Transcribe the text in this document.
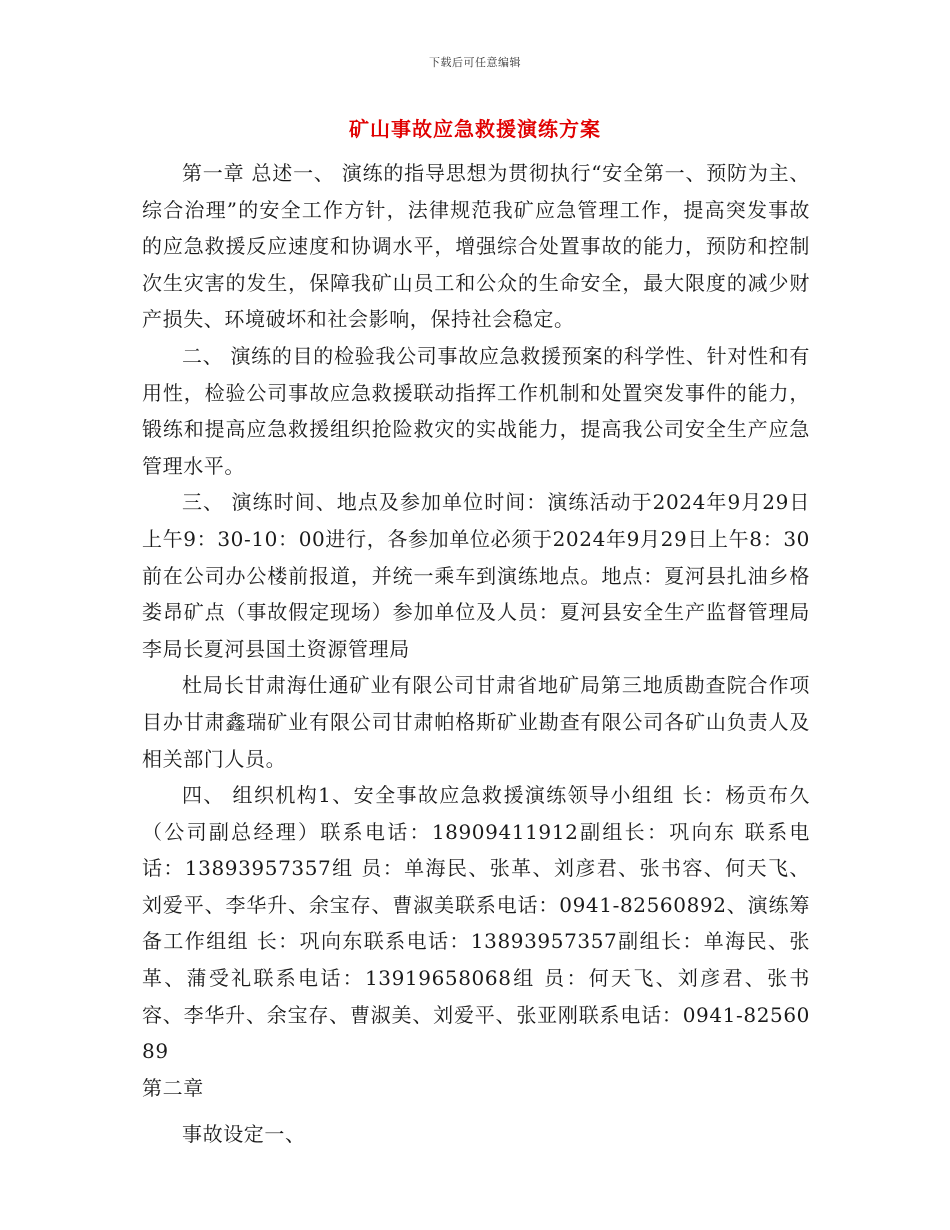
下载后可任意编辑
矿山事故应急救援演练方案

第一章 总述一、 演练的指导思想为贯彻执行“安全第一、预防为主、综合治理”的安全工作方针，法律规范我矿应急管理工作，提高突发事故的应急救援反应速度和协调水平，增强综合处置事故的能力，预防和控制次生灾害的发生，保障我矿山员工和公众的生命安全，最大限度的减少财产损失、环境破坏和社会影响，保持社会稳定。

二、 演练的目的检验我公司事故应急救援预案的科学性、针对性和有用性，检验公司事故应急救援联动指挥工作机制和处置突发事件的能力，锻练和提高应急救援组织抢险救灾的实战能力，提高我公司安全生产应急管理水平。

三、 演练时间、地点及参加单位时间：演练活动于2024年9月29日上午9：30-10：00进行，各参加单位必须于2024年9月29日上午8：30前在公司办公楼前报道，并统一乘车到演练地点。地点：夏河县扎油乡格娄昂矿点（事故假定现场）参加单位及人员：夏河县安全生产监督管理局李局长夏河县国土资源管理局

杜局长甘肃海仕通矿业有限公司甘肃省地矿局第三地质勘查院合作项目办甘肃鑫瑞矿业有限公司甘肃帕格斯矿业勘查有限公司各矿山负责人及相关部门人员。

四、 组织机构1、安全事故应急救援演练领导小组组 长：杨贡布久（公司副总经理）联系电话：18909411912副组长：巩向东 联系电话：13893957357组 员：单海民、张革、刘彦君、张书容、何天飞、刘爱平、李华升、余宝存、曹淑美联系电话：0941-82560892、演练筹备工作组组 长：巩向东联系电话：13893957357副组长：单海民、张革、蒲受礼联系电话：13919658068组 员：何天飞、刘彦君、张书容、李华升、余宝存、曹淑美、刘爱平、张亚刚联系电话：0941-8256089

第二章

事故设定一、
